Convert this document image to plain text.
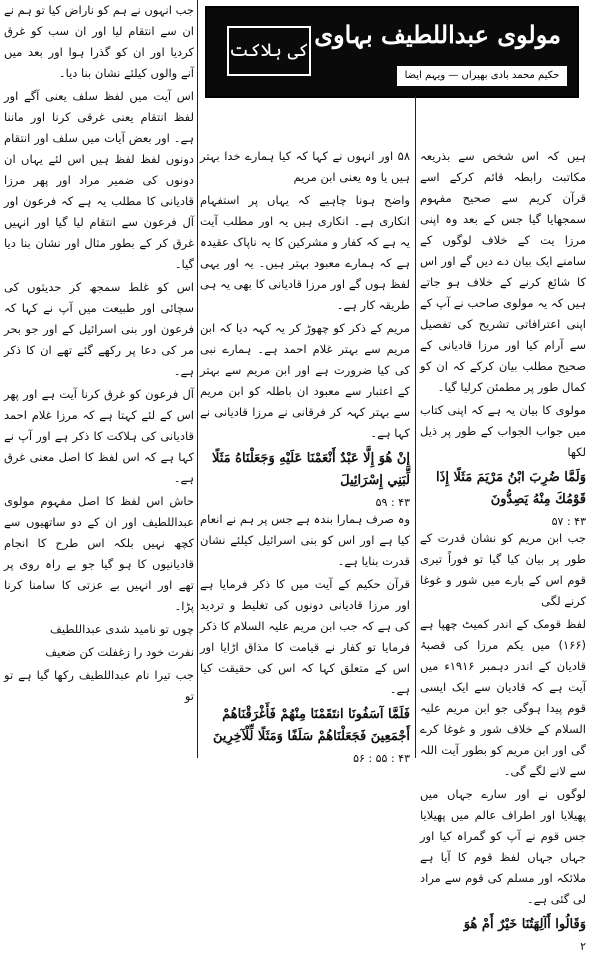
مولوی عبداللطیف بہاوی
حکیم محمد بادی بھیراں — ویہم ایضا
کی ہلاکت

ہیں کہ اس شخص سے بذریعہ مکاتبت رابطہ قائم کرکے اسے قرآن کریم سے صحیح مفہوم سمجھایا گیا جس کے بعد وہ اپنی مرزا یت کے خلاف لوگوں کے سامنے ایک بیان دے دیں گے اور اس کا شائع کرنے کے خلاف ہو جاتے ہیں کہ یہ مولوی صاحب نے آپ کے اپنی اعترافاتی تشریح کی تفصیل سے آرام کیا اور مرزا قادیانی کے صحیح مطلب بیان کرکے کہ ان کو کمال طور پر مطمئن کرلیا گیا۔

مولوی کا بیان یہ ہے کہ اپنی کتاب میں جواب الجواب کے طور پر ذیل لکھا

وَلَمَّا ضُرِبَ ابْنُ مَرْيَمَ مَثَلًا إِذَا قَوْمُكَ مِنْهُ يَصِدُّونَ
۴۳ : ۵۷

جب ابن مریم کو نشان قدرت کے طور پر بیان کیا گیا تو فوراً تیری قوم اس کے بارے میں شور و غوغا کرنے لگی

لفظ قومک کے اندر کمیٹ چھپا ہے (۱۶۶) میں یکم مرزا کی قصبۂ قادیان کے اندر دہمبر ۱۹۱۶ء میں آیت ہے کہ قادیان سے ایک ایسی قوم پیدا ہوگی جو ابن مریم علیہ السلام کے خلاف شور و غوغا کرے گی اور ابن مریم کو بطور آیت اللہ سے لانے لگے گی۔

لوگوں نے اور سارے جہاں میں پھیلایا اور اطراف عالم میں پھیلایا جس قوم نے آپ کو گمراہ کیا اور جہاں جہاں لفظ قوم کا آیا ہے ملائکہ اور مسلم کی قوم سے مراد لی گئی ہے۔

وَقَالُوا أَآلِهَتُنَا خَيْرٌ أَمْ هُوَ
۲

۵۸ اور انہوں نے کہا کہ کیا ہمارے خدا بہتر ہیں یا وہ یعنی ابن مریم

واضح ہونا چاہیے کہ یہاں پر استفہام انکاری ہے۔ انکاری ہیں یہ اور مطلب آیت یہ ہے کہ کفار و مشرکین کا یہ ناپاک عقیدہ ہے کہ ہمارے معبود بہتر ہیں۔ یہ اور یہی لفظ ہوں گے اور مرزا قادیانی کا بھی یہ ہی طریقہ کار ہے۔

مریم کے ذکر کو چھوڑ کر یہ کہہ دیا کہ ابن مریم سے بہتر غلام احمد ہے۔ ہمارے نبی کی کیا ضرورت ہے اور ابن مریم سے بہتر کے اعتبار سے معبود ان باطلہ کو ابن مریم سے بہتر کہہ کر فرقانی نے مرزا قادیانی نے کہا ہے۔

إِنْ هُوَ إِلَّا عَبْدٌ أَنْعَمْنَا عَلَيْهِ وَجَعَلْنَاهُ مَثَلًا لِّبَنِي إِسْرَائِيلَ
۴۳ : ۵۹

وہ صرف ہمارا بندہ ہے جس پر ہم نے انعام کیا ہے اور اس کو بنی اسرائیل کیلئے نشان قدرت بنایا ہے۔

قرآن حکیم کے آیت میں کا ذکر فرمایا ہے اور مرزا قادیانی دونوں کی تغلیط و تردید کی ہے کہ جب ابن مریم علیہ السلام کا ذکر فرمایا تو کفار نے قیامت کا مذاق اڑایا اور اس کے متعلق کہا کہ اس کی حقیقت کیا ہے۔

فَلَمَّا آسَفُونَا انتَقَمْنَا مِنْهُمْ فَأَغْرَقْنَاهُمْ أَجْمَعِينَ فَجَعَلْنَاهُمْ سَلَفًا وَمَثَلًا لِّلْآخِرِينَ
۴۳ : ۵۵ : ۵۶

جب انہوں نے ہم کو ناراض کیا تو ہم نے ان سے انتقام لیا اور ان سب کو غرق کردیا اور ان کو گذرا ہوا اور بعد میں آنے والوں کیلئے نشان بنا دیا۔

اس آیت میں لفظ سلف یعنی آگے اور لفظ انتقام یعنی غرقی کرنا اور ماننا ہے۔ اور بعض آیات میں سلف اور انتقام دونوں لفظ لفظ ہیں اس لئے یہاں ان دونوں کی ضمیر مراد اور پھر مرزا قادیانی کا مطلب یہ ہے کہ فرعون اور آل فرعون سے انتقام لیا گیا اور انہیں غرق کر کے بطور مثال اور نشان بنا دیا گیا۔

اس کو غلط سمجھ کر حدیثوں کی سچائی اور طبیعت میں آپ نے کہا کہ فرعون اور بنی اسرائیل کے اور جو بحر مر کی دعا پر رکھے گئے تھے ان کا ذکر ہے۔

آل فرعون کو غرق کرنا آیت ہے اور پھر اس کے لئے کہتا ہے کہ مرزا غلام احمد قادیانی کی ہلاکت کا ذکر ہے اور آپ نے کہا ہے کہ اس لفظ کا اصل معنی غرق ہے۔

حاش اس لفظ کا اصل مفہوم مولوی عبداللطیف اور ان کے دو ساتھیوں سے کچھ نہیں بلکہ اس طرح کا انجام قادیانیوں کا ہو گیا جو بے راہ روی پر تھے اور انہیں بے عزتی کا سامنا کرنا پڑا۔

چوں تو نامید شدی عبداللطیف

نفرت خود را زغفلت کن ضعیف

جب تیرا نام عبداللطیف رکھا گیا ہے تو تو
